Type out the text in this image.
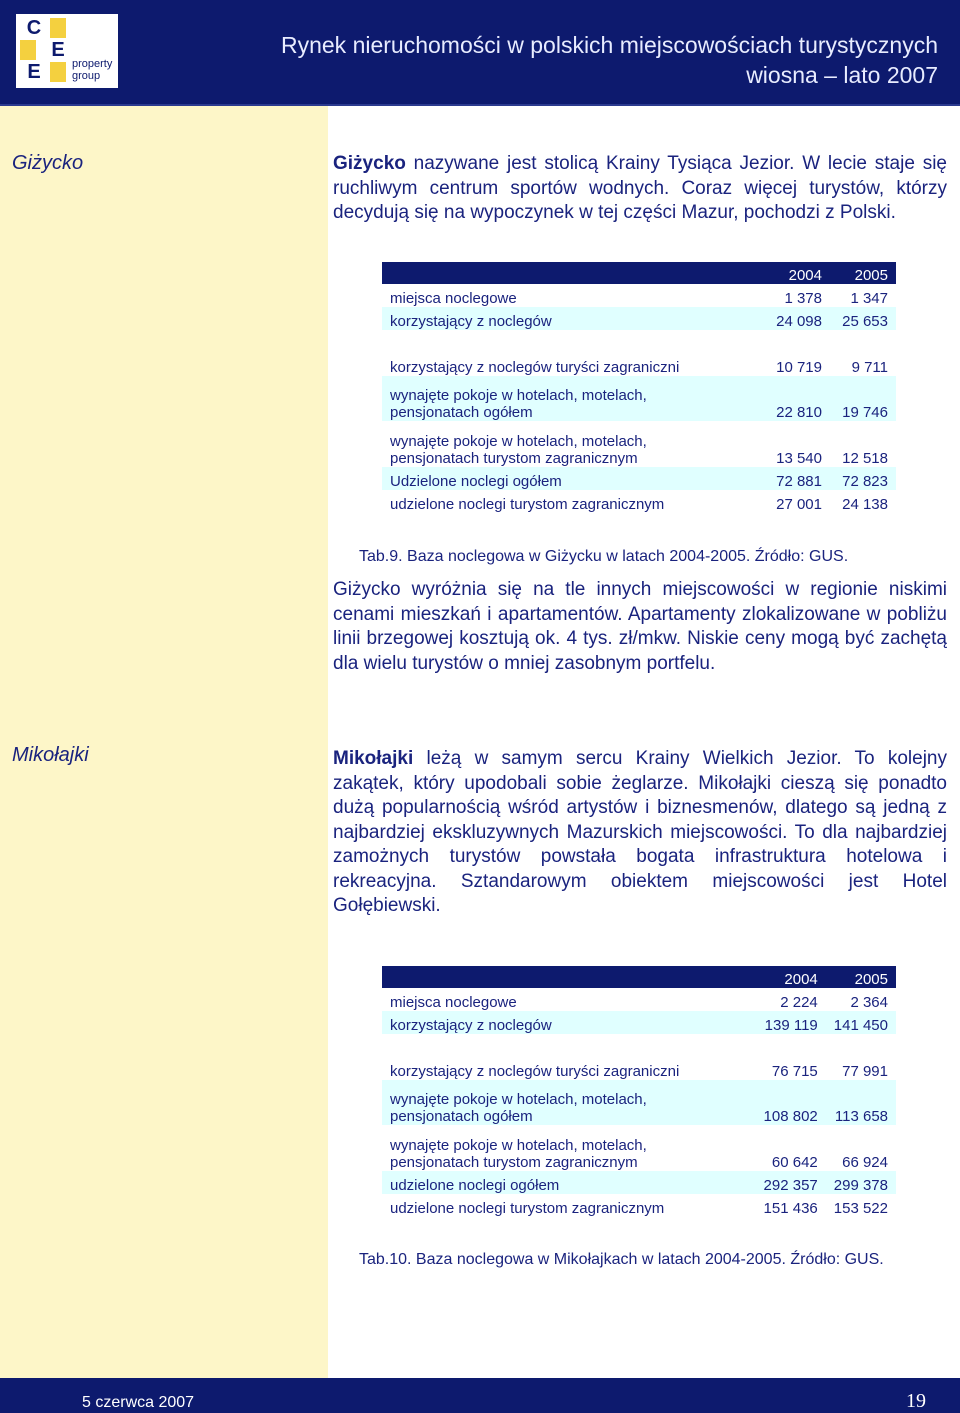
C
E
E	property
group
Rynek nieruchomości w polskich miejscowościach turystycznych
wiosna – lato 2007
Giżycko	Giżycko nazywane jest stolicą Krainy Tysiąca Jezior. W lecie staje się ruchliwym centrum sportów wodnych. Coraz więcej turystów, którzy decydują się na wypoczynek w tej części Mazur, pochodzi z Polski.
	2004	2005
miejsca noclegowe	1 378	1 347
korzystający z noclegów	24 098	25 653
korzystający z noclegów turyści zagraniczni	10 719	9 711

wynajęte pokoje w hotelach, motelach,
pensjonatach ogółem	22 810	19 746

wynajęte pokoje w hotelach, motelach,
pensjonatach turystom zagranicznym	13 540	12 518
Udzielone noclegi ogółem	72 881	72 823
udzielone noclegi turystom zagranicznym	27 001	24 138
Tab.9. Baza noclegowa w Giżycku w latach 2004-2005. Źródło: GUS.
Giżycko wyróżnia się na tle innych miejscowości w regionie niskimi cenami mieszkań i apartamentów. Apartamenty zlokalizowane w pobliżu linii brzegowej kosztują ok. 4 tys. zł/mkw. Niskie ceny mogą być zachętą dla wielu turystów o mniej zasobnym portfelu.
Mikołajki	Mikołajki leżą w samym sercu Krainy Wielkich Jezior. To kolejny zakątek, który upodobali sobie żeglarze. Mikołajki cieszą się ponadto dużą popularnością wśród artystów i biznesmenów, dlatego są jedną z najbardziej ekskluzywnych Mazurskich miejscowości. To dla najbardziej zamożnych turystów powstała bogata infrastruktura hotelowa i rekreacyjna. Sztandarowym obiektem miejscowości jest Hotel Gołębiewski.
	2004	2005
miejsca noclegowe	2 224	2 364
korzystający z noclegów	139 119	141 450
korzystający z noclegów turyści zagraniczni	76 715	77 991

wynajęte pokoje w hotelach, motelach,
pensjonatach ogółem	108 802	113 658

wynajęte pokoje w hotelach, motelach,
pensjonatach turystom zagranicznym	60 642	66 924
udzielone noclegi ogółem	292 357	299 378
udzielone noclegi turystom zagranicznym	151 436	153 522
Tab.10. Baza noclegowa w Mikołajkach w latach 2004-2005. Źródło: GUS.
5 czerwca 2007	19
